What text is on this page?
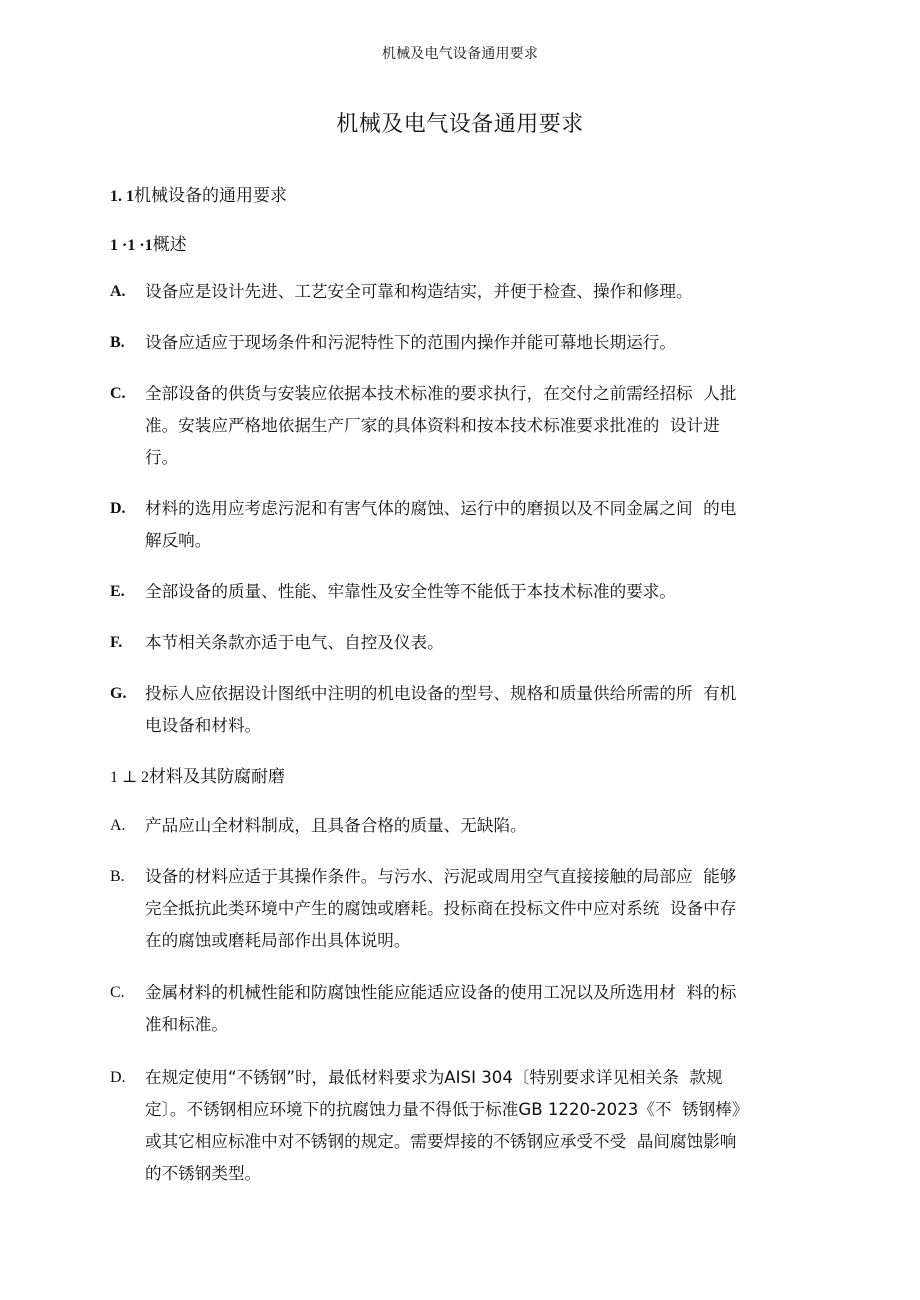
机械及电气设备通用要求
机械及电气设备通用要求
1. 1机械设备的通用要求
1 ·1 ·1概述
A. 设备应是设计先进、工艺安全可靠和构造结实，并便于检查、操作和修理。
B. 设备应适应于现场条件和污泥特性下的范围内操作并能可幕地长期运行。
C. 全部设备的供货与安装应依据本技术标准的要求执行，在交付之前需经招标  人批
准。安装应严格地依据生产厂家的具体资料和按本技术标准要求批准的  设计进
行。
D. 材料的选用应考虑污泥和有害气体的腐蚀、运行中的磨损以及不同金属之间  的电
解反响。
E. 全部设备的质量、性能、牢靠性及安全性等不能低于本技术标准的要求。
F. 本节相关条款亦适于电气、自控及仪表。
G. 投标人应依据设计图纸中注明的机电设备的型号、规格和质量供给所需的所  有机
电设备和材料。
1 ⊥ 2材料及其防腐耐磨
A. 产品应山全材料制成，且具备合格的质量、无缺陷。
B. 设备的材料应适于其操作条件。与污水、污泥或周用空气直接接触的局部应  能够
完全抵抗此类环境中产生的腐蚀或磨耗。投标商在投标文件中应对系统  设备中存
在的腐蚀或磨耗局部作出具体说明。
C. 金属材料的机械性能和防腐蚀性能应能适应设备的使用工况以及所选用材  料的标
准和标准。
D. 在规定使用“不锈钢”时，最低材料要求为AISI 304〔特别要求详见相关条  款规
定〕。不锈钢相应环境下的抗腐蚀力量不得低于标准GB 1220-2023《不  锈钢棒》
或其它相应标准中对不锈钢的规定。需要焊接的不锈钢应承受不受  晶间腐蚀影响
的不锈钢类型。
